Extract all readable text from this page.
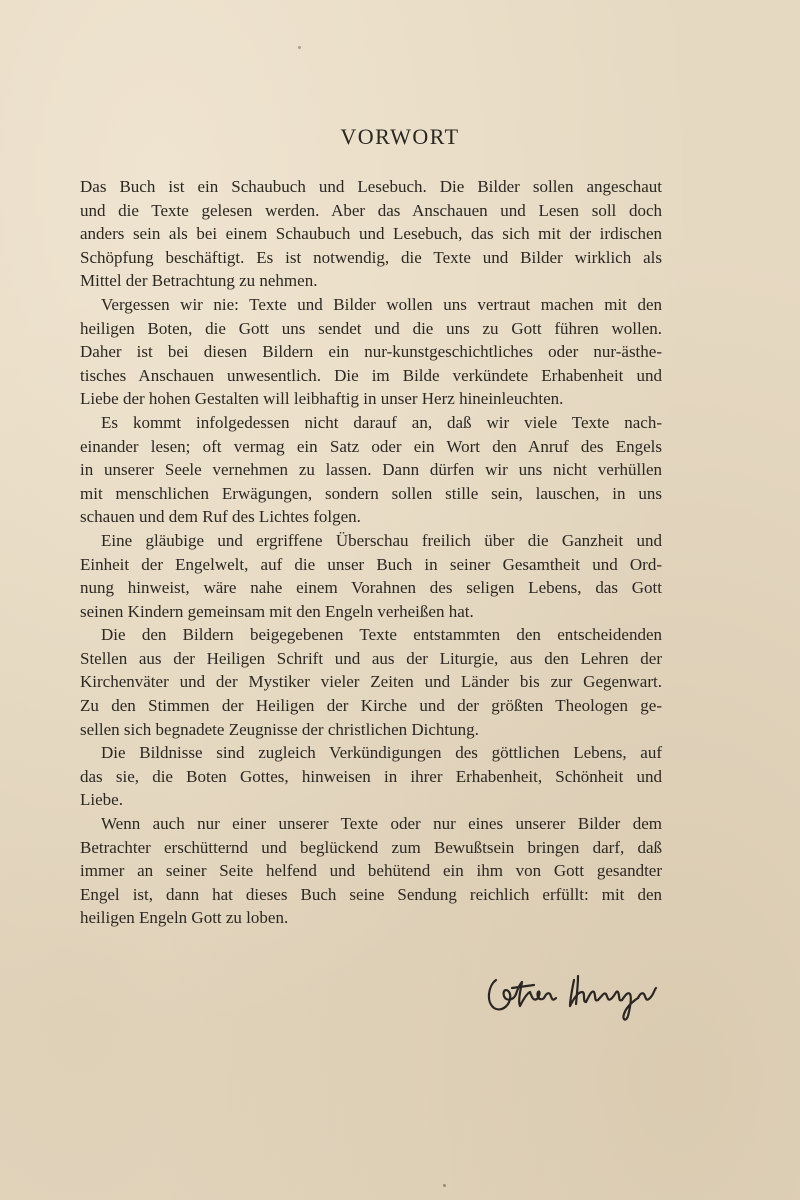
VORWORT
Das Buch ist ein Schaubuch und Lesebuch. Die Bilder sollen angeschaut
und die Texte gelesen werden. Aber das Anschauen und Lesen soll doch
anders sein als bei einem Schaubuch und Lesebuch, das sich mit der irdischen
Schöpfung beschäftigt. Es ist notwendig, die Texte und Bilder wirklich als
Mittel der Betrachtung zu nehmen.
Vergessen wir nie: Texte und Bilder wollen uns vertraut machen mit den
heiligen Boten, die Gott uns sendet und die uns zu Gott führen wollen.
Daher ist bei diesen Bildern ein nur-kunstgeschichtliches oder nur-ästhe-
tisches Anschauen unwesentlich. Die im Bilde verkündete Erhabenheit und
Liebe der hohen Gestalten will leibhaftig in unser Herz hineinleuchten.
Es kommt infolgedessen nicht darauf an, daß wir viele Texte nach-
einander lesen; oft vermag ein Satz oder ein Wort den Anruf des Engels
in unserer Seele vernehmen zu lassen. Dann dürfen wir uns nicht verhüllen
mit menschlichen Erwägungen, sondern sollen stille sein, lauschen, in uns
schauen und dem Ruf des Lichtes folgen.
Eine gläubige und ergriffene Überschau freilich über die Ganzheit und
Einheit der Engelwelt, auf die unser Buch in seiner Gesamtheit und Ord-
nung hinweist, wäre nahe einem Vorahnen des seligen Lebens, das Gott
seinen Kindern gemeinsam mit den Engeln verheißen hat.
Die den Bildern beigegebenen Texte entstammten den entscheidenden
Stellen aus der Heiligen Schrift und aus der Liturgie, aus den Lehren der
Kirchenväter und der Mystiker vieler Zeiten und Länder bis zur Gegenwart.
Zu den Stimmen der Heiligen der Kirche und der größten Theologen ge-
sellen sich begnadete Zeugnisse der christlichen Dichtung.
Die Bildnisse sind zugleich Verkündigungen des göttlichen Lebens, auf
das sie, die Boten Gottes, hinweisen in ihrer Erhabenheit, Schönheit und
Liebe.
Wenn auch nur einer unserer Texte oder nur eines unserer Bilder dem
Betrachter erschütternd und beglückend zum Bewußtsein bringen darf, daß
immer an seiner Seite helfend und behütend ein ihm von Gott gesandter
Engel ist, dann hat dieses Buch seine Sendung reichlich erfüllt: mit den
heiligen Engeln Gott zu loben.
